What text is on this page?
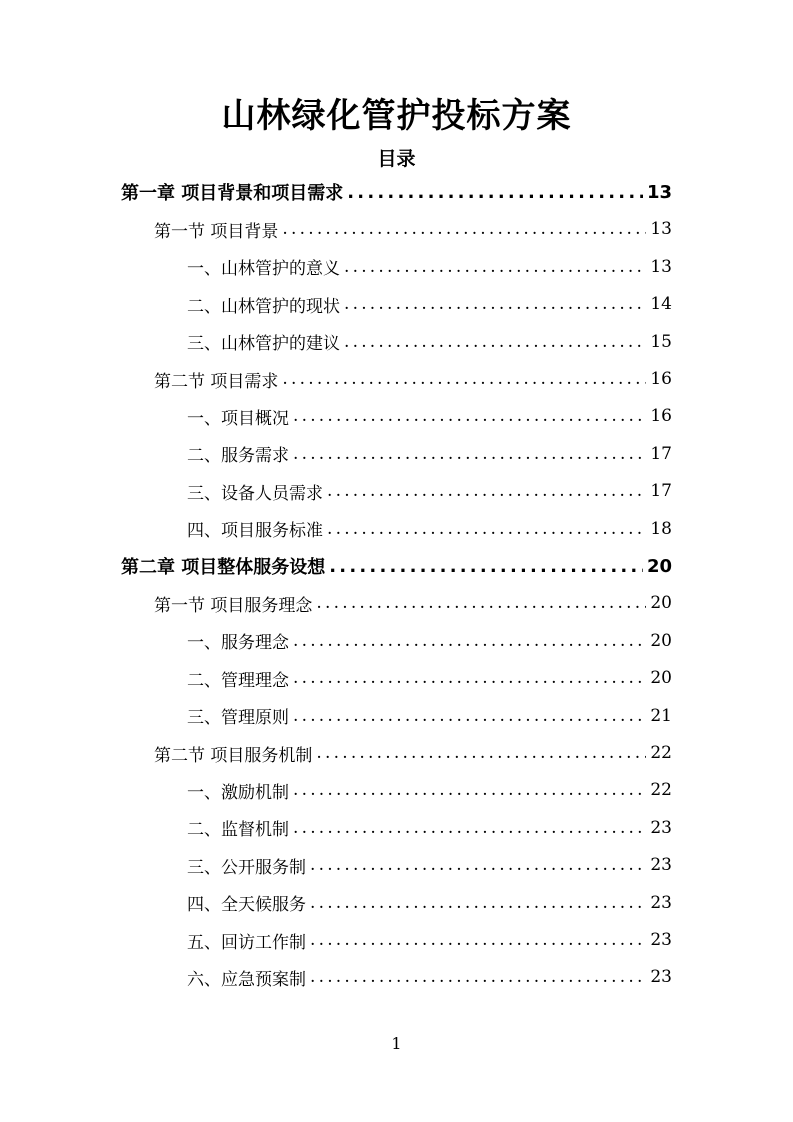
山林绿化管护投标方案
目录
第一章 项目背景和项目需求 .....	13
第一节 项目背景 .....	13
一、山林管护的意义 .....	13
二、山林管护的现状 .....	14
三、山林管护的建议 .....	15
第二节 项目需求 .....	16
一、项目概况 .....	16
二、服务需求 .....	17
三、设备人员需求 .....	17
四、项目服务标准 .....	18
第二章 项目整体服务设想 .....	20
第一节 项目服务理念 .....	20
一、服务理念 .....	20
二、管理理念 .....	20
三、管理原则 .....	21
第二节 项目服务机制 .....	22
一、激励机制 .....	22
二、监督机制 .....	23
三、公开服务制 .....	23
四、全天候服务 .....	23
五、回访工作制 .....	23
六、应急预案制 .....	23
1
